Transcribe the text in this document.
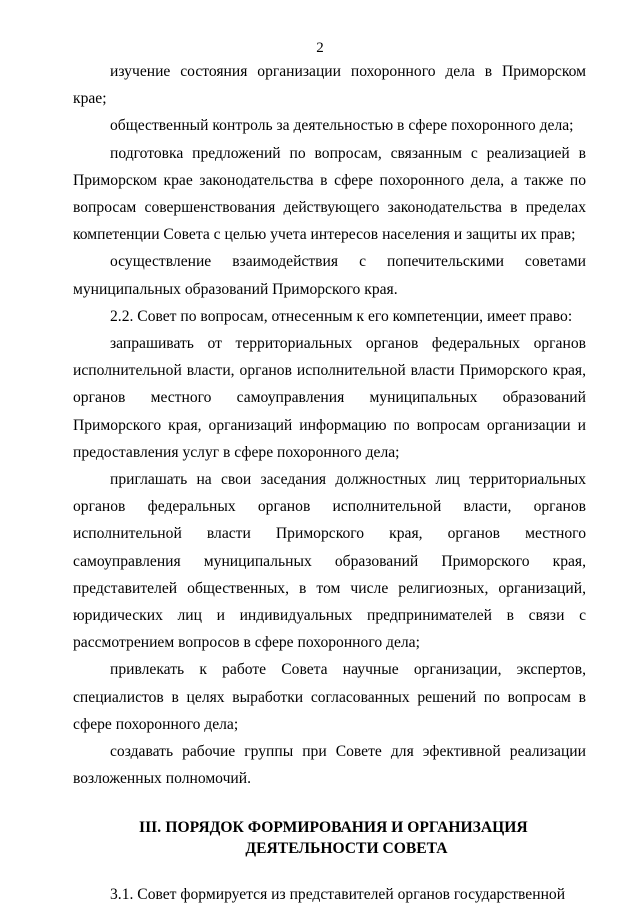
2

изучение состояния организации похоронного дела в Приморском крае;

общественный контроль за деятельностью в сфере похоронного дела;

подготовка предложений по вопросам, связанным с реализацией в Приморском крае законодательства в сфере похоронного дела, а также по вопросам совершенствования действующего законодательства в пределах компетенции Совета с целью учета интересов населения и защиты их прав;

осуществление взаимодействия с попечительскими советами муниципальных образований Приморского края.

2.2. Совет по вопросам, отнесенным к его компетенции, имеет право:

запрашивать от территориальных органов федеральных органов исполнительной власти, органов исполнительной власти Приморского края, органов местного самоуправления муниципальных образований Приморского края, организаций информацию по вопросам организации и предоставления услуг в сфере похоронного дела;

приглашать на свои заседания должностных лиц территориальных органов федеральных органов исполнительной власти, органов исполнительной власти Приморского края, органов местного самоуправления муниципальных образований Приморского края, представителей общественных, в том числе религиозных, организаций, юридических лиц и индивидуальных предпринимателей в связи с рассмотрением вопросов в сфере похоронного дела;

привлекать к работе Совета научные организации, экспертов, специалистов в целях выработки согласованных решений по вопросам в сфере похоронного дела;

создавать рабочие группы при Совете для эфективной реализации возложенных полномочий.

III. ПОРЯДОК ФОРМИРОВАНИЯ И ОРГАНИЗАЦИЯ
ДЕЯТЕЛЬНОСТИ СОВЕТА

3.1. Совет формируется из представителей органов государственной
